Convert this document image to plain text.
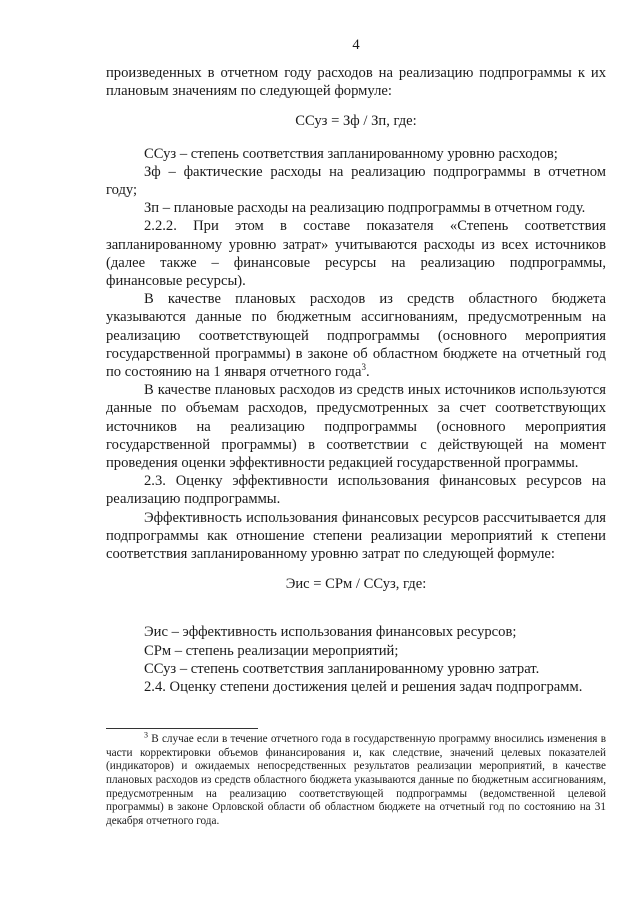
4

произведенных в отчетном году расходов на реализацию подпрограммы к их плановым значениям по следующей формуле:

ССуз = Зф / Зп, где:

ССуз – степень соответствия запланированному уровню расходов;

Зф – фактические расходы на реализацию подпрограммы в отчетном году;

Зп – плановые расходы на реализацию подпрограммы в отчетном году.

2.2.2. При этом в составе показателя «Степень соответствия запланированному уровню затрат» учитываются расходы из всех источников (далее также – финансовые ресурсы на реализацию подпрограммы, финансовые ресурсы).

В качестве плановых расходов из средств областного бюджета указываются данные по бюджетным ассигнованиям, предусмотренным на реализацию соответствующей подпрограммы (основного мероприятия государственной программы) в законе об областном бюджете на отчетный год по состоянию на 1 января отчетного года$^3$.

В качестве плановых расходов из средств иных источников используются данные по объемам расходов, предусмотренных за счет соответствующих источников на реализацию подпрограммы (основного мероприятия государственной программы) в соответствии с действующей на момент проведения оценки эффективности редакцией государственной программы.

2.3. Оценку эффективности использования финансовых ресурсов на реализацию подпрограммы.

Эффективность использования финансовых ресурсов рассчитывается для подпрограммы как отношение степени реализации мероприятий к степени соответствия запланированному уровню затрат по следующей формуле:

Эис = СРм / ССуз, где:

Эис – эффективность использования финансовых ресурсов;

СРм – степень реализации мероприятий;

ССуз – степень соответствия запланированному уровню затрат.

2.4. Оценку степени достижения целей и решения задач подпрограмм.

$^3$ В случае если в течение отчетного года в государственную программу вносились изменения в части корректировки объемов финансирования и, как следствие, значений целевых показателей (индикаторов) и ожидаемых непосредственных результатов реализации мероприятий, в качестве плановых расходов из средств областного бюджета указываются данные по бюджетным ассигнованиям, предусмотренным на реализацию соответствующей подпрограммы (ведомственной целевой программы) в законе Орловской области об областном бюджете на отчетный год по состоянию на 31 декабря отчетного года.
